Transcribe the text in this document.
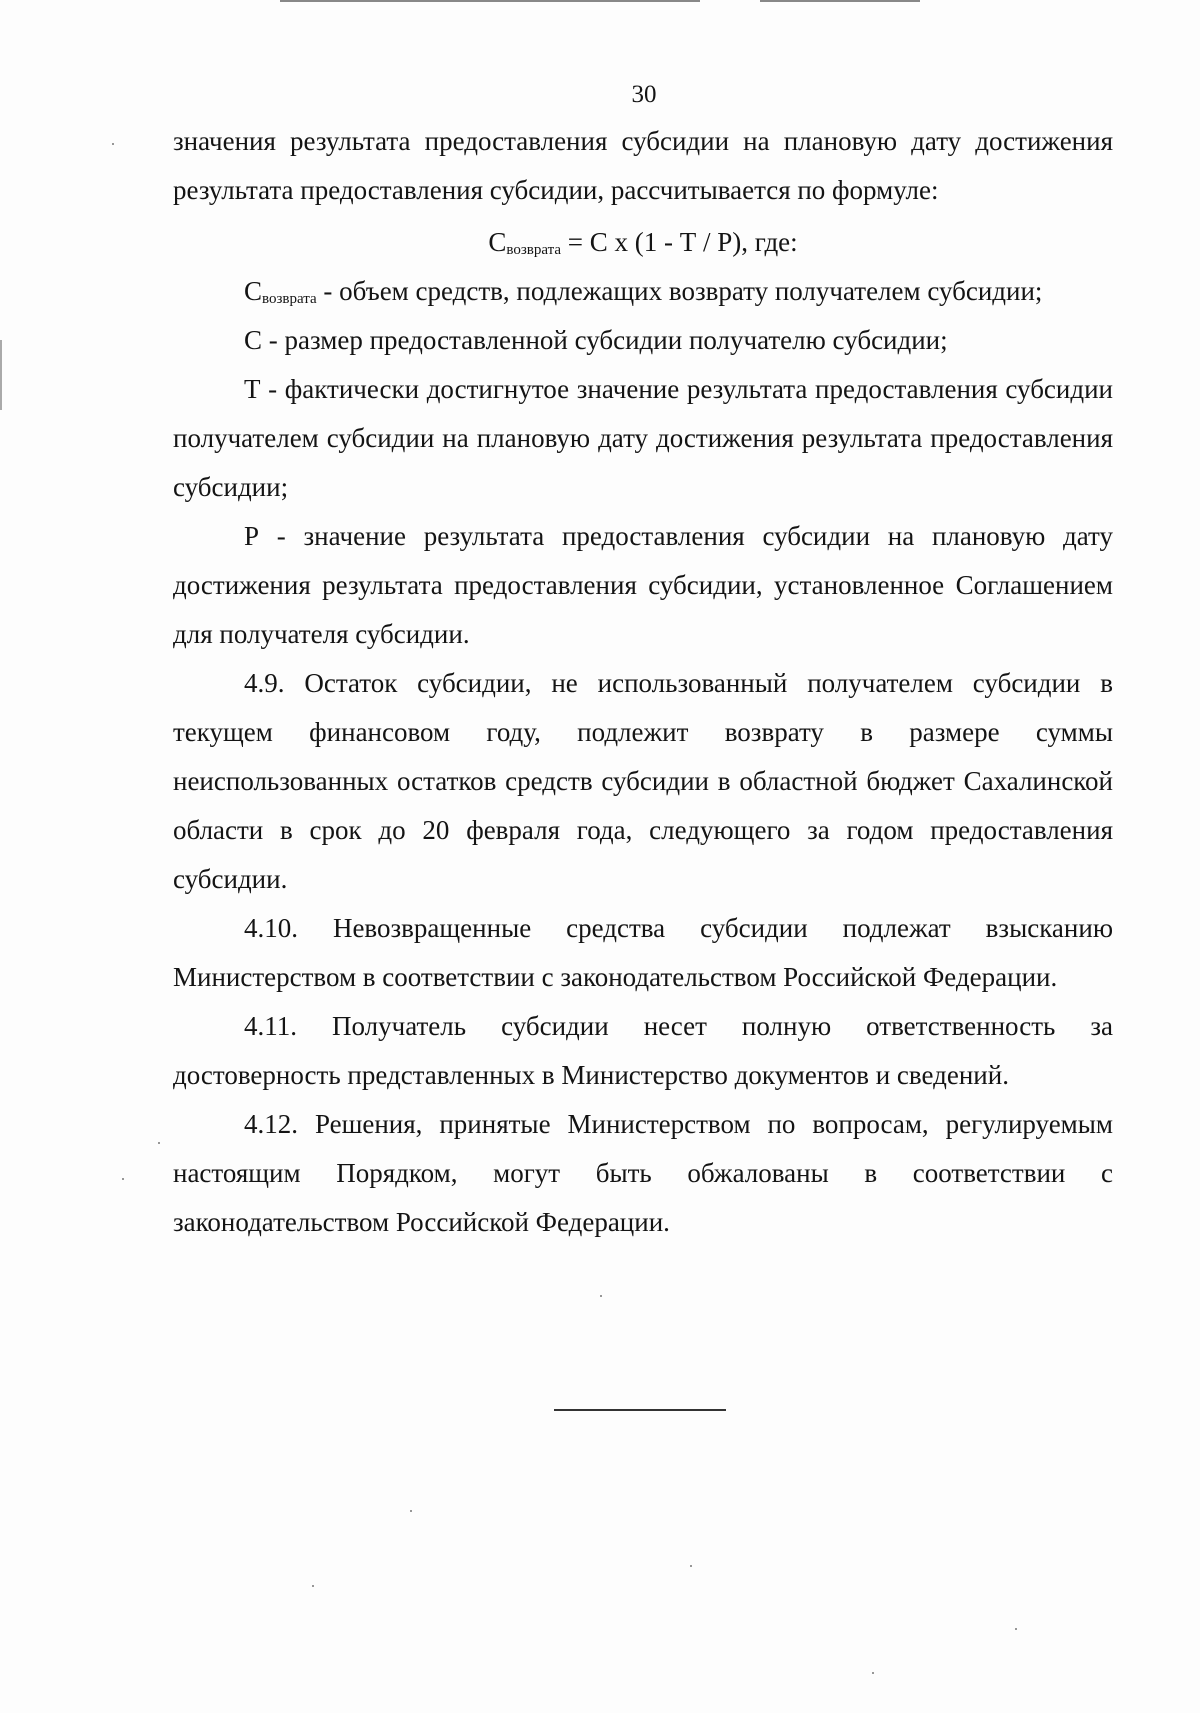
30

значения результата предоставления субсидии на плановую дату достижения результата предоставления субсидии, рассчитывается по формуле:

$С_{возврата} = С$ х (1 - Т / Р), где:

$С_{возврата}$ - объем средств, подлежащих возврату получателем субсидии;

С - размер предоставленной субсидии получателю субсидии;

Т - фактически достигнутое значение результата предоставления субсидии получателем субсидии на плановую дату достижения результата предоставления субсидии;

Р - значение результата предоставления субсидии на плановую дату достижения результата предоставления субсидии, установленное Соглашением для получателя субсидии.

4.9. Остаток субсидии, не использованный получателем субсидии в текущем финансовом году, подлежит возврату в размере суммы неиспользованных остатков средств субсидии в областной бюджет Сахалинской области в срок до 20 февраля года, следующего за годом предоставления субсидии.

4.10. Невозвращенные средства субсидии подлежат взысканию Министерством в соответствии с законодательством Российской Федерации.

4.11. Получатель субсидии несет полную ответственность за достоверность представленных в Министерство документов и сведений.

4.12. Решения, принятые Министерством по вопросам, регулируемым настоящим Порядком, могут быть обжалованы в соответствии с законодательством Российской Федерации.
